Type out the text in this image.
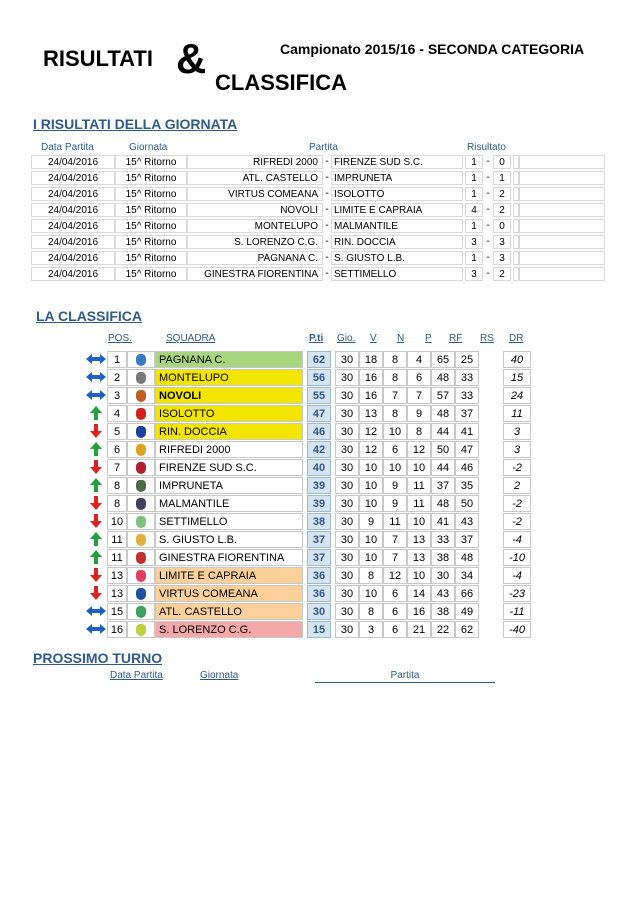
RISULTATI &
CLASSIFICA
Campionato 2015/16 - SECONDA CATEGORIA
I RISULTATI DELLA GIORNATA
Data Partita	Giornata	Partita	Risultato
24/04/2016	15^ Ritorno	RIFREDI 2000 - FIRENZE SUD S.C.	1 - 0
24/04/2016	15^ Ritorno	ATL. CASTELLO - IMPRUNETA	1 - 1
24/04/2016	15^ Ritorno	VIRTUS COMEANA - ISOLOTTO	1 - 2
24/04/2016	15^ Ritorno	NOVOLI - LIMITE E CAPRAIA	4 - 2
24/04/2016	15^ Ritorno	MONTELUPO - MALMANTILE	1 - 0
24/04/2016	15^ Ritorno	S. LORENZO C.G. - RIN. DOCCIA	3 - 3
24/04/2016	15^ Ritorno	PAGNANA C. - S. GIUSTO L.B.	1 - 3
24/04/2016	15^ Ritorno	GINESTRA FIORENTINA - SETTIMELLO	3 - 2
LA CLASSIFICA
POS.	SQUADRA	P.ti Gio. V N P RF RS DR
1	PAGNANA C.	62	30	18	8	4	65	25	40
2	MONTELUPO	56	30	16	8	6	48	33	15
3	NOVOLI	55	30	16	7	7	57	33	24
4	ISOLOTTO	47	30	13	8	9	48	37	11
5	RIN. DOCCIA	46	30	12	10	8	44	41	3
6	RIFREDI 2000	42	30	12	6	12	50	47	3
7	FIRENZE SUD S.C.	40	30	10	10	10	44	46	-2
8	IMPRUNETA	39	30	10	9	11	37	35	2
8	MALMANTILE	39	30	10	9	11	48	50	-2
10	SETTIMELLO	38	30	9	11	10	41	43	-2
11	S. GIUSTO L.B.	37	30	10	7	13	33	37	-4
11	GINESTRA FIORENTINA	37	30	10	7	13	38	48	-10
13	LIMITE E CAPRAIA	36	30	8	12	10	30	34	-4
13	VIRTUS COMEANA	36	30	10	6	14	43	66	-23
15	ATL. CASTELLO	30	30	8	6	16	38	49	-11
16	S. LORENZO C.G.	15	30	3	6	21	22	62	-40
PROSSIMO TURNO
Data Partita	Giornata	Partita
